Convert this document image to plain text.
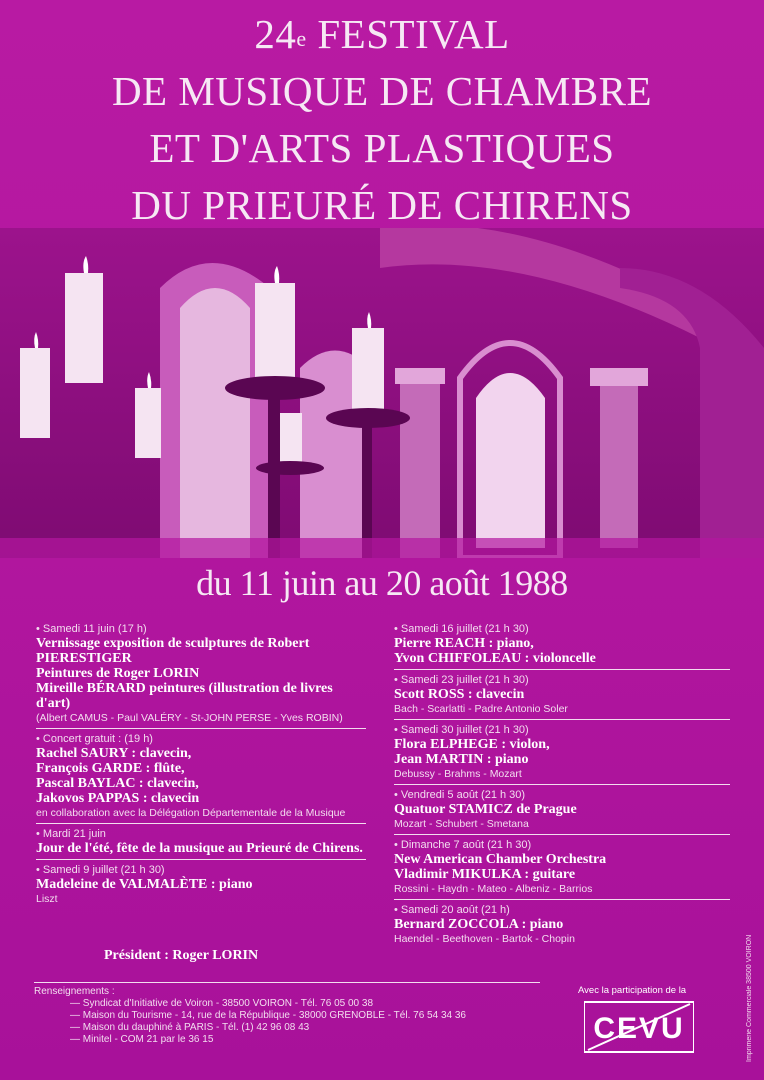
24e FESTIVAL
DE MUSIQUE DE CHAMBRE
ET D'ARTS PLASTIQUES
DU PRIEURÉ DE CHIRENS
du 11 juin au 20 août 1988
• Samedi 11 juin (17 h)
Vernissage exposition de sculptures de Robert PIERESTIGER
Peintures de Roger LORIN
Mireille BÉRARD peintures (illustration de livres d'art)
(Albert CAMUS - Paul VALÉRY - St-JOHN PERSE - Yves ROBIN)
• Concert gratuit : (19 h)
Rachel SAURY : clavecin,
François GARDE : flûte,
Pascal BAYLAC : clavecin,
Jakovos PAPPAS : clavecin
en collaboration avec la Délégation Départementale de la Musique
• Mardi 21 juin
Jour de l'été, fête de la musique au Prieuré de Chirens.
• Samedi 9 juillet (21 h 30)
Madeleine de VALMALÈTE : piano
Liszt
• Samedi 16 juillet (21 h 30)
Pierre REACH : piano,
Yvon CHIFFOLEAU : violoncelle
• Samedi 23 juillet (21 h 30)
Scott ROSS : clavecin
Bach - Scarlatti - Padre Antonio Soler
• Samedi 30 juillet (21 h 30)
Flora ELPHEGE : violon,
Jean MARTIN : piano
Debussy - Brahms - Mozart
• Vendredi 5 août (21 h 30)
Quatuor STAMICZ de Prague
Mozart - Schubert - Smetana
• Dimanche 7 août (21 h 30)
New American Chamber Orchestra
Vladimir MIKULKA : guitare
Rossini - Haydn - Mateo - Albeniz - Barrios
• Samedi 20 août (21 h)
Bernard ZOCCOLA : piano
Haendel - Beethoven - Bartok - Chopin
Président : Roger LORIN
Renseignements :
— Syndicat d'Initiative de Voiron - 38500 VOIRON - Tél. 76 05 00 38
— Maison du Tourisme - 14, rue de la République - 38000 GRENOBLE - Tél. 76 54 34 36
— Maison du dauphiné à PARIS - Tél. (1) 42 96 08 43
— Minitel - COM 21 par le 36 15
Avec la participation de la
CEVU	Imprimerie Commerciale 38500 VOIRON
